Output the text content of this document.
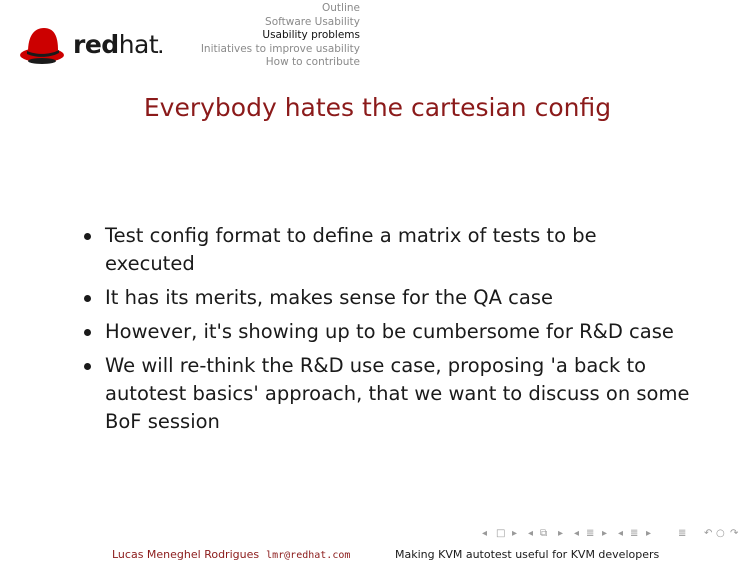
redhat.
Outline
Software Usability
Usability problems
Initiatives to improve usability
How to contribute
Everybody hates the cartesian config
Test config format to define a matrix of tests to be executed
It has its merits, makes sense for the QA case
However, it's showing up to be cumbersome for R&D case
We will re-think the R&D use case, proposing 'a back to autotest basics' approach, that we want to discuss on some BoF session
◂ □ ▸ ◂ ⧉ ▸ ◂ ≣ ▸ ◂ ≣ ▸	≣ ↶ ○ ↷
Lucas Meneghel Rodrigues lmr@redhat.com	Making KVM autotest useful for KVM developers
